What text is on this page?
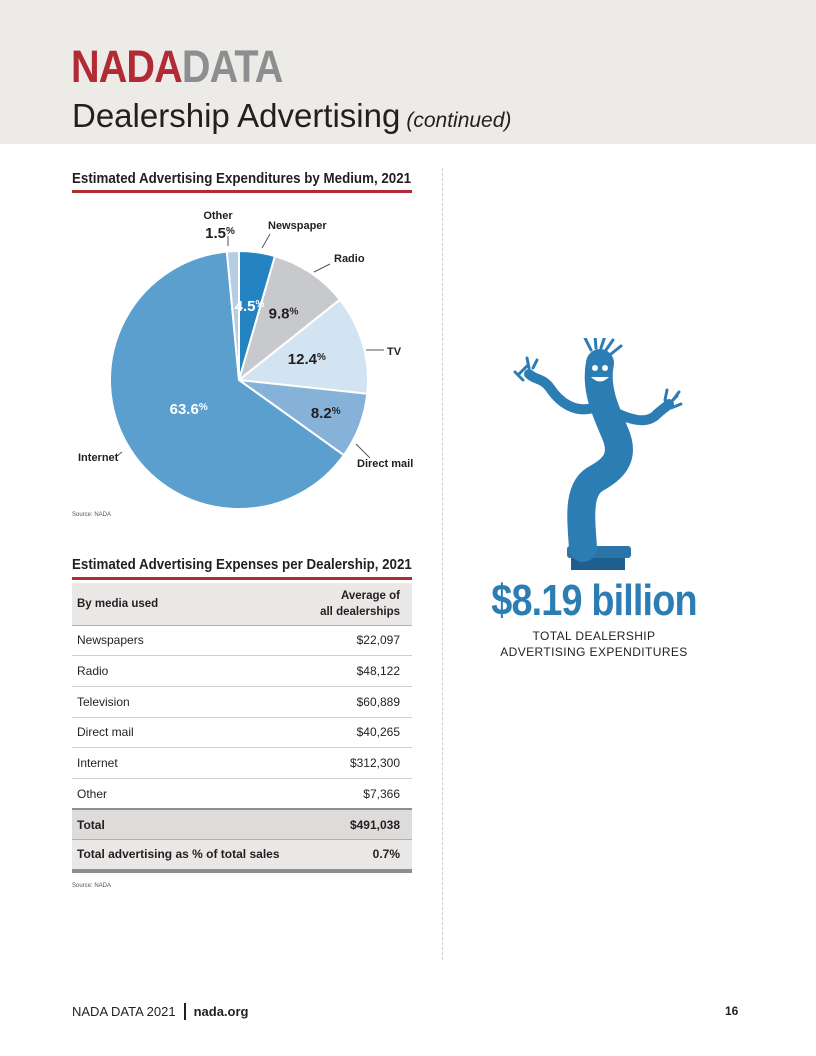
NADADATA
Dealership Advertising (continued)
Estimated Advertising Expenditures by Medium, 2021
4.5%
9.8%
12.4%
8.2%
63.6%
1.5%	Newspaper
Radio
TV
Direct mail
Internet
Other
Source: NADA
Estimated Advertising Expenses per Dealership, 2021
By media used	Average of
all dealerships
Newspapers	$22,097
Radio	$48,122
Television	$60,889
Direct mail	$40,265
Internet	$312,300
Other	$7,366
Total	$491,038
Total advertising as % of total sales	0.7%
Source: NADA
$8.19 billion
TOTAL DEALERSHIP
ADVERTISING EXPENDITURES
NADA DATA 2021 nada.org	16
